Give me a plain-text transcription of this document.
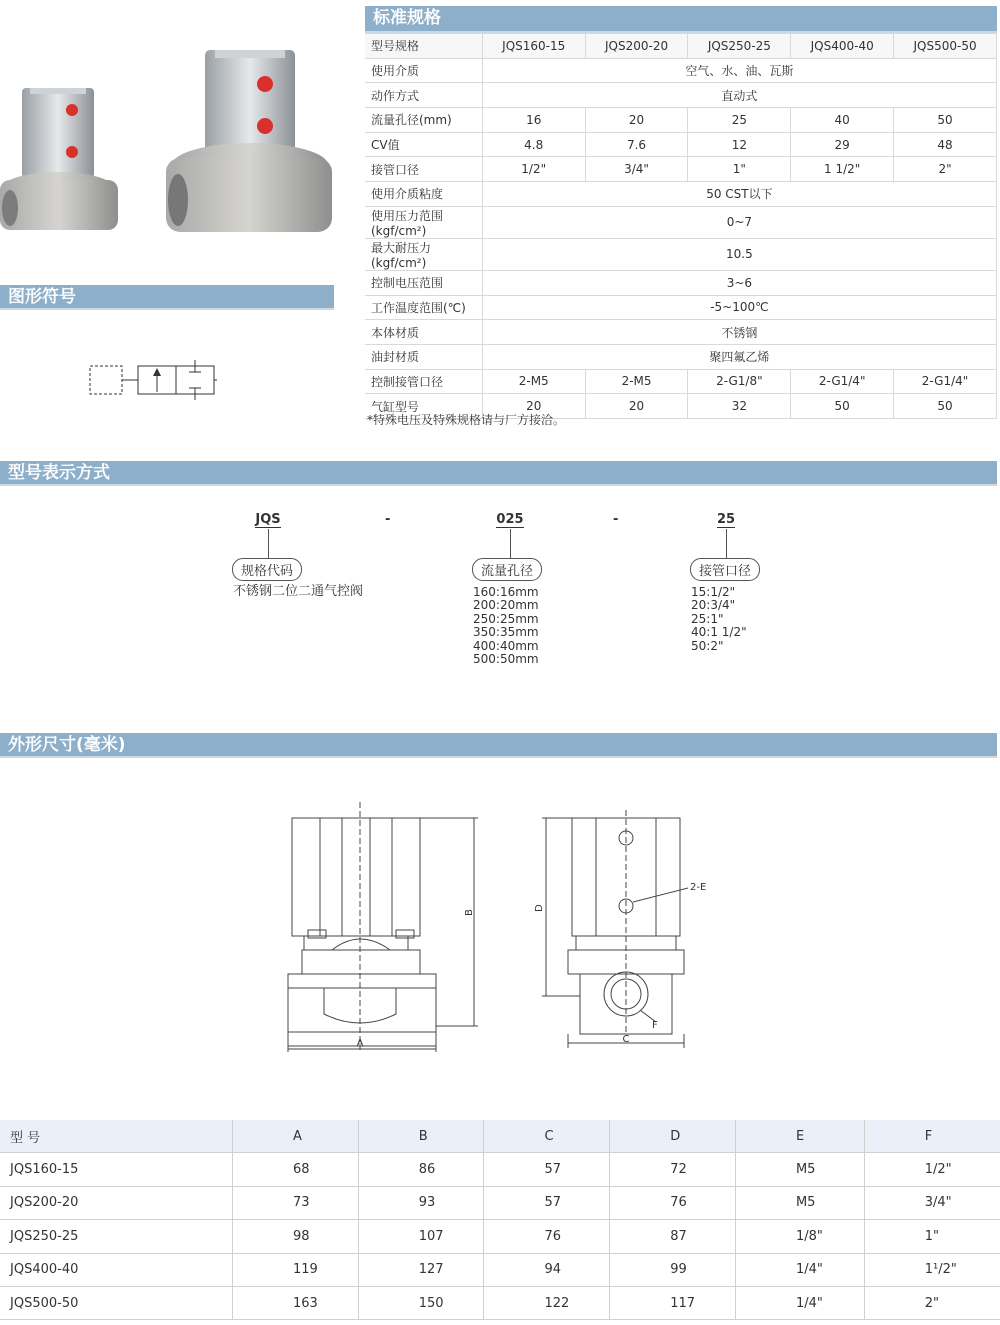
标准规格
型号规格	JQS160-15	JQS200-20	JQS250-25	JQS400-40	JQS500-50
使用介质	空气、水、油、瓦斯				
动作方式	直动式				
流量孔径(mm)	16	20	25	40	50
CV值	4.8	7.6	12	29	48
接管口径	1/2"	3/4"	1"	1 1/2"	2"
使用介质粘度	50 CST以下				
使用压力范围(kgf/cm²)	0~7				
最大耐压力(kgf/cm²)	10.5				
控制电压范围	3~6				
工作温度范围(℃)	-5~100℃				
本体材质	不锈钢				
油封材质	聚四氟乙烯				
控制接管口径	2-M5	2-M5	2-G1/8"	2-G1/4"	2-G1/4"
气缸型号	20	20	32	50	50
*特殊电压及特殊规格请与厂方接洽。
图形符号
型号表示方式
JQS	-	025	-	25
规格代码	流量孔径	接管口径
不锈钢二位二通气控阀	160:16mm
200:20mm
250:25mm
350:35mm
400:40mm
500:50mm
15:1/2"
20:3/4"
25:1"
40:1 1/2"
50:2"
外形尺寸(毫米)
A
B
C
D
2-E
F
型 号	A	B	C	D	E	F
JQS160-15	68	86	57	72	M5	1/2"
JQS200-20	73	93	57	76	M5	3/4"
JQS250-25	98	107	76	87	1/8"	1"
JQS400-40	119	127	94	99	1/4"	1¹/2"
JQS500-50	163	150	122	117	1/4"	2"
